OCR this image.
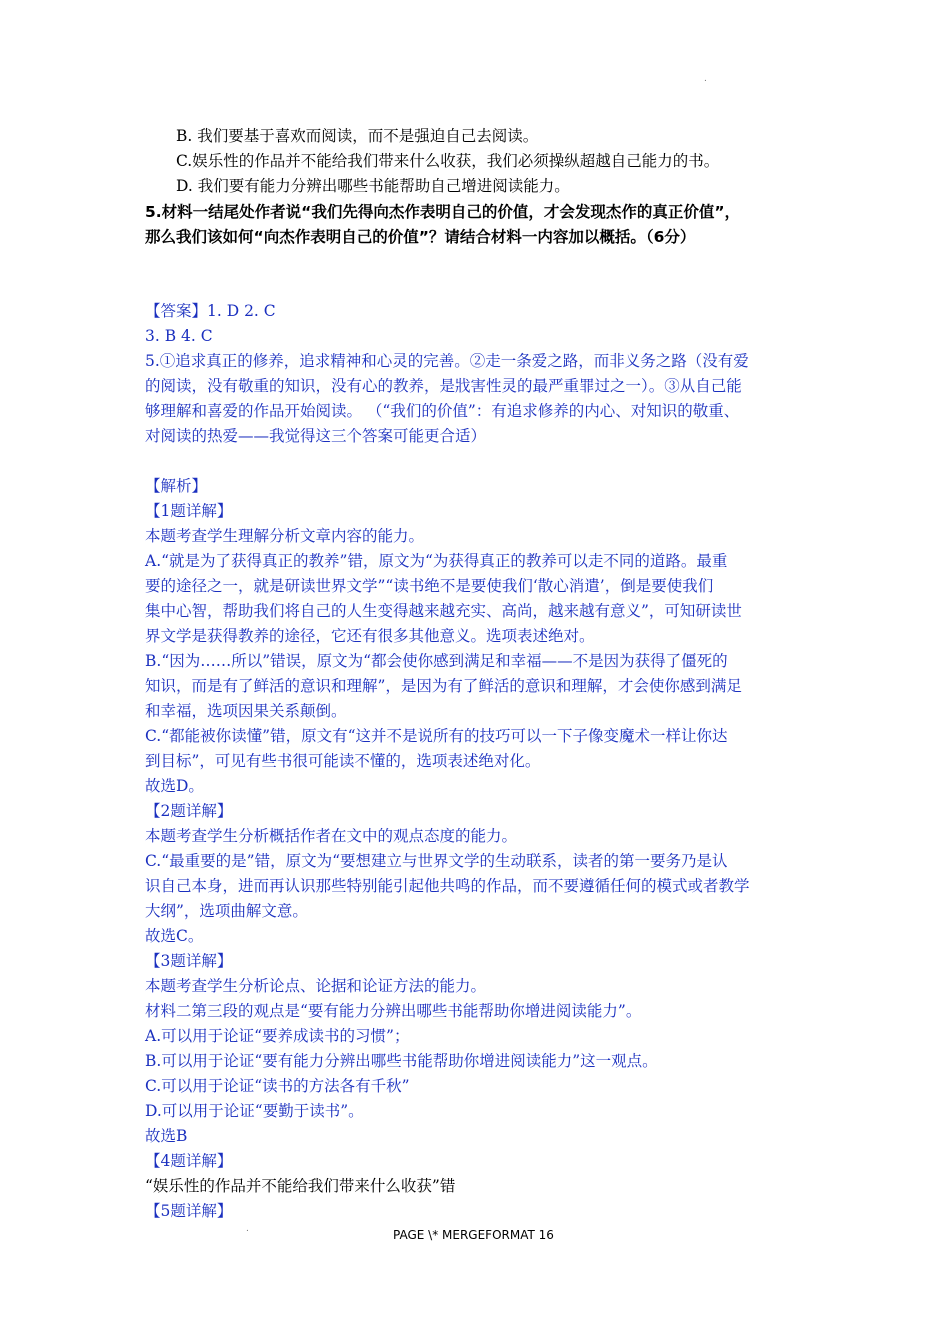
.
B. 我们要基于喜欢而阅读，而不是强迫自己去阅读。
C.娱乐性的作品并不能给我们带来什么收获，我们必须操纵超越自己能力的书。
D. 我们要有能力分辨出哪些书能帮助自己增进阅读能力。
5.材料一结尾处作者说“我们先得向杰作表明自己的价值，才会发现杰作的真正价值”，
那么我们该如何“向杰作表明自己的价值”？请结合材料一内容加以概括。（6分）
【答案】1. D 2. C
3. B 4. C
5.①追求真正的修养，追求精神和心灵的完善。②走一条爱之路，而非义务之路（没有爱
的阅读，没有敬重的知识，没有心的教养，是戕害性灵的最严重罪过之一）。③从自己能
够理解和喜爱的作品开始阅读。 （“我们的价值”：有追求修养的内心、对知识的敬重、
对阅读的热爱——我觉得这三个答案可能更合适）
【解析】
【1题详解】
本题考查学生理解分析文章内容的能力。
A.“就是为了获得真正的教养”错，原文为“为获得真正的教养可以走不同的道路。最重
要的途径之一，就是研读世界文学”“读书绝不是要使我们‘散心消遣’，倒是要使我们
集中心智，帮助我们将自己的人生变得越来越充实、高尚，越来越有意义”，可知研读世
界文学是获得教养的途径，它还有很多其他意义。选项表述绝对。
B.“因为……所以”错误，原文为“都会使你感到满足和幸福——不是因为获得了僵死的
知识，而是有了鲜活的意识和理解”，是因为有了鲜活的意识和理解，才会使你感到满足
和幸福，选项因果关系颠倒。
C.“都能被你读懂”错，原文有“这并不是说所有的技巧可以一下子像变魔术一样让你达
到目标”，可见有些书很可能读不懂的，选项表述绝对化。
故选D。
【2题详解】
本题考查学生分析概括作者在文中的观点态度的能力。
C.“最重要的是”错，原文为“要想建立与世界文学的生动联系，读者的第一要务乃是认
识自己本身，进而再认识那些特别能引起他共鸣的作品，而不要遵循任何的模式或者教学
大纲”，选项曲解文意。
故选C。
【3题详解】
本题考查学生分析论点、论据和论证方法的能力。
材料二第三段的观点是“要有能力分辨出哪些书能帮助你增进阅读能力”。
A.可以用于论证“要养成读书的习惯”；
B.可以用于论证“要有能力分辨出哪些书能帮助你增进阅读能力”这一观点。
C.可以用于论证“读书的方法各有千秋”
D.可以用于论证“要勤于读书”。
故选B
【4题详解】
“娱乐性的作品并不能给我们带来什么收获”错
【5题详解】
.	PAGE \* MERGEFORMAT 16
